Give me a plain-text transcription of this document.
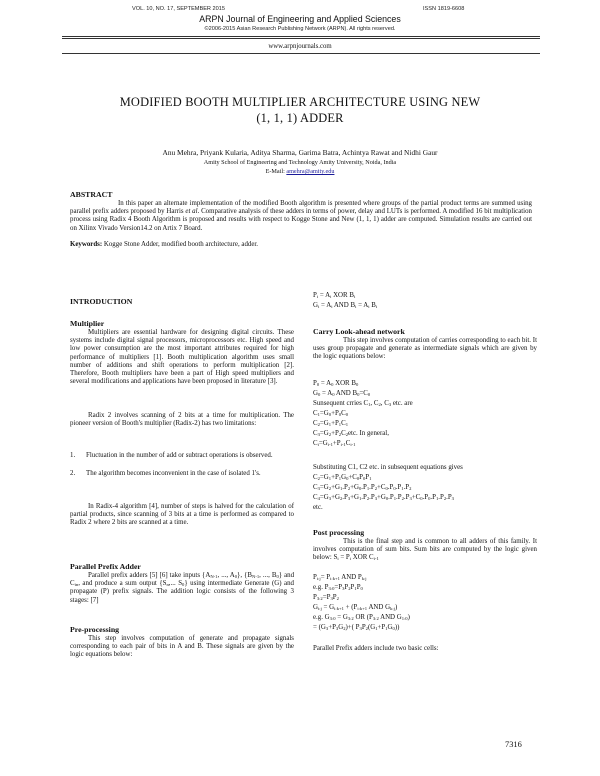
VOL. 10, NO. 17, SEPTEMBER 2015	ISSN 1819-6608
ARPN Journal of Engineering and Applied Sciences
©2006-2015 Asian Research Publishing Network (ARPN). All rights reserved.
www.arpnjournals.com
MODIFIED BOOTH MULTIPLIER ARCHITECTURE USING NEW
(1, 1, 1) ADDER
Anu Mehra, Priyank Kularia, Aditya Sharma, Garima Batra, Achintya Rawat and Nidhi Gaur
Amity School of Engineering and Technology Amity University, Noida, India
E-Mail: amehra@amity.edu
ABSTRACT
In this paper an alternate implementation of the modified Booth algorithm is presented where groups of the partial product terms are summed using parallel prefix adders proposed by Harris et al. Comparative analysis of these adders in terms of power, delay and LUTs is performed. A modified 16 bit multiplication process using Radix 4 Booth Algorithm is proposed and results with respect to Kogge Stone and New (1, 1, 1) adder are computed. Simulation results are carried out on Xilinx Vivado Version14.2 on Artix 7 Board.
Keywords: Kogge Stone Adder, modified booth architecture, adder.
INTRODUCTION
Multiplier
Multipliers are essential hardware for designing digital circuits. These systems include digital signal processors, microprocessors etc. High speed and low power consumption are the most important attributes required for high performance of multipliers [1]. Booth multiplication algorithm uses small number of additions and shift operations to perform multiplication [2]. Therefore, Booth multipliers have been a part of High speed multipliers and several modifications and applications have been proposed in literature [3].
Radix 2 involves scanning of 2 bits at a time for multiplication. The pioneer version of Booth's multiplier (Radix-2) has two limitations:
1. Fluctuation in the number of add or subtract operations is observed.
2. The algorithm becomes inconvenient in the case of isolated 1's.
In Radix-4 algorithm [4], number of steps is halved for the calculation of partial products, since scanning of 3 bits at a time is performed as compared to Radix 2 where 2 bits are scanned at a time.
Parallel Prefix Adder
Parallel prefix adders [5] [6] take inputs {$A_{N-1}$, ..., $A_0$}, {$B_{N-1}$, ..., $B_0$} and $C_{in}$, and produce a sum output {$S_n$,... $S_0$} using intermediate Generate (G) and propagate (P) prefix signals. The addition logic consists of the following 3 stages: [7]
Pre-processing
This step involves computation of generate and propagate signals corresponding to each pair of bits in A and B. These signals are given by the logic equations below:
$P_i = A_i$ XOR $B_i$
$G_i = A_i$ AND $B_i = A_i$ $B_i$
Carry Look-ahead network
This step involves computation of carries corresponding to each bit. It uses group propagate and generate as intermediate signals which are given by the logic equations below:
$P_0 = A_0$ XOR $B_0$
$G_0 = A_0$ AND $B_0=C_0$
Sunsequent crries $C_1$, $C_2$, $C_3$ etc. are
$C_1=G_0+P_0C_0$
$C_2=G_1+P_1C_1$
$C_3=G_2+P_2C_2etc$. In general,
$C_i=G_{i-1}+P_{i-1}C_{i-1}$
Substituting C1, C2 etc. in subsequent equations gives
$C_2=G_1+P_1G_0+C_0P_0P_1$
$C_3=G_2+G_1.P_2+G_0.P_1.P_2+C_0.P_0.P_1.P_2$
$C_4=G_3+G_2.P_3+G_1.P_2.P_3+G_0.P_1.P_2.P_3+C_0.P_0.P_1.P_2.P_3$
etc.
Post processing
This is the final step and is common to all adders of this family. It involves computation of sum bits. Sum bits are computed by the logic given below: $S_i = P_i$ XOR $C_{i-1}$
$P_{i:j}= P_{i:k+1}$ AND $P_{k:j}$
e.g. $P_{3:0}=P_3P_2P_1P_0$
$P_{3:2}=P_3P_2$
$G_{i:j} = G_{i:k+1} + (P_{i:k+1}$ AND $G_{k:j}$)
e.g. $G_{3:0} = G_{3:2}$ OR ($P_{3:2}$ AND $G_{1:0}$)
= $(G_3+P_3G_2)+$( $P_3P_2(G_1+P_1G_0)$)
Parallel Prefix adders include two basic cells:
7316
